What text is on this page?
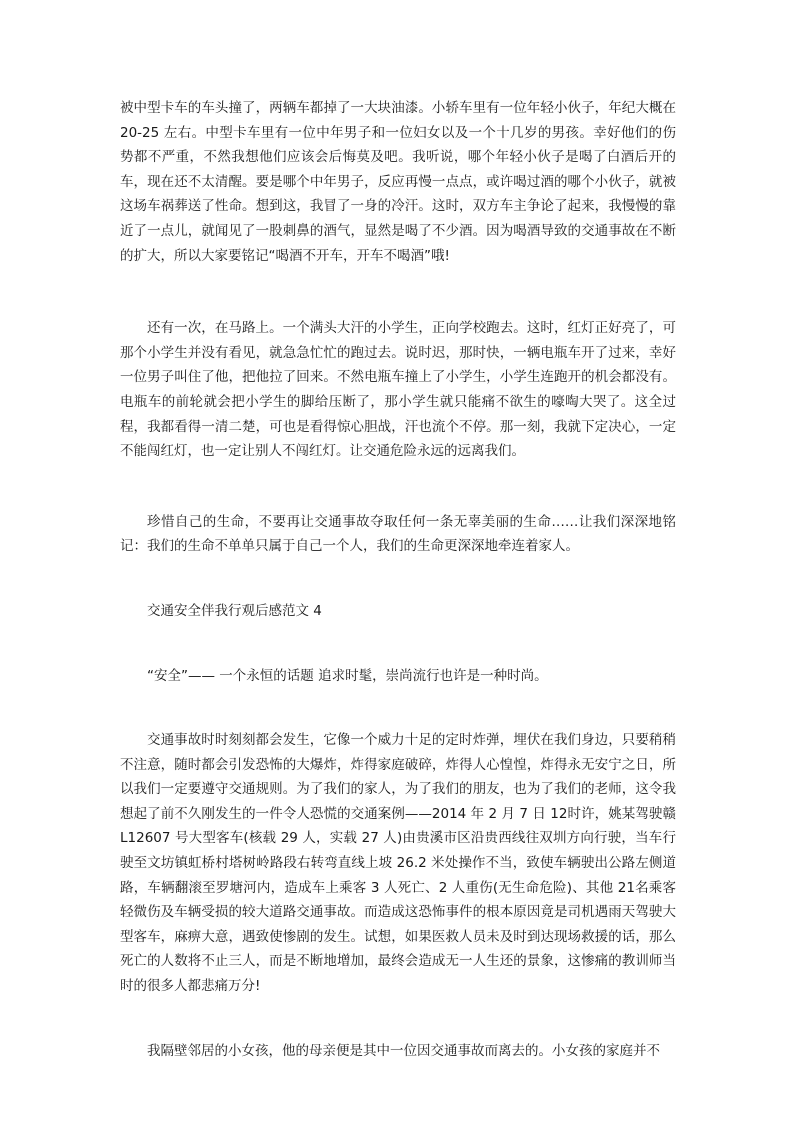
被中型卡车的车头撞了，两辆车都掉了一大块油漆。小轿车里有一位年轻小伙子，年纪大概在 20-25 左右。中型卡车里有一位中年男子和一位妇女以及一个十几岁的男孩。幸好他们的伤势都不严重，不然我想他们应该会后悔莫及吧。我听说，哪个年轻小伙子是喝了白酒后开的车，现在还不太清醒。要是哪个中年男子，反应再慢一点点，或许喝过酒的哪个小伙子，就被这场车祸葬送了性命。想到这，我冒了一身的冷汗。这时，双方车主争论了起来，我慢慢的靠近了一点儿，就闻见了一股刺鼻的酒气，显然是喝了不少酒。因为喝酒导致的交通事故在不断的扩大，所以大家要铭记“喝酒不开车，开车不喝酒”哦!

还有一次，在马路上。一个满头大汗的小学生，正向学校跑去。这时，红灯正好亮了，可那个小学生并没有看见，就急急忙忙的跑过去。说时迟，那时快，一辆电瓶车开了过来，幸好一位男子叫住了他，把他拉了回来。不然电瓶车撞上了小学生，小学生连跑开的机会都没有。电瓶车的前轮就会把小学生的脚给压断了，那小学生就只能痛不欲生的嚎啕大哭了。这全过程，我都看得一清二楚，可也是看得惊心胆战，汗也流个不停。那一刻，我就下定决心，一定不能闯红灯，也一定让别人不闯红灯。让交通危险永远的远离我们。

珍惜自己的生命，不要再让交通事故夺取任何一条无辜美丽的生命……让我们深深地铭记：我们的生命不单单只属于自己一个人，我们的生命更深深地牵连着家人。

交通安全伴我行观后感范文 4

“安全”—— 一个永恒的话题 追求时髦，崇尚流行也许是一种时尚。

交通事故时时刻刻都会发生，它像一个威力十足的定时炸弹，埋伏在我们身边，只要稍稍不注意，随时都会引发恐怖的大爆炸，炸得家庭破碎，炸得人心惶惶，炸得永无安宁之日，所以我们一定要遵守交通规则。为了我们的家人，为了我们的朋友，也为了我们的老师，这令我想起了前不久刚发生的一件令人恐慌的交通案例——2014 年 2 月 7 日 12时许，姚某驾驶赣 L12607 号大型客车(核载 29 人，实载 27 人)由贵溪市区沿贵西线往双圳方向行驶，当车行驶至文坊镇虹桥村塔树岭路段右转弯直线上坡 26.2 米处操作不当，致使车辆驶出公路左侧道路，车辆翻滚至罗塘河内，造成车上乘客 3 人死亡、2 人重伤(无生命危险)、其他 21名乘客轻微伤及车辆受损的较大道路交通事故。而造成这恐怖事件的根本原因竟是司机遇雨天驾驶大型客车，麻痹大意，遇致使惨剧的发生。试想，如果医救人员未及时到达现场救援的话，那么死亡的人数将不止三人，而是不断地增加，最终会造成无一人生还的景象，这惨痛的教训师当时的很多人都悲痛万分!

我隔壁邻居的小女孩，他的母亲便是其中一位因交通事故而离去的。小女孩的家庭并不
